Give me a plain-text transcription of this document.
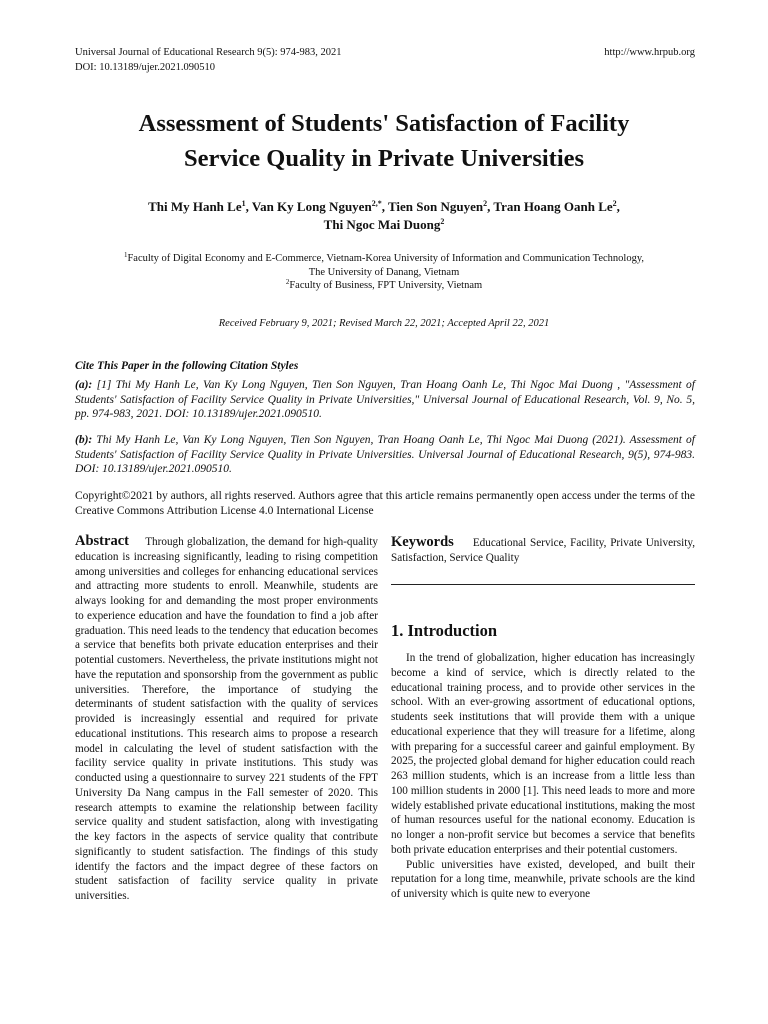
Universal Journal of Educational Research 9(5): 974-983, 2021
DOI: 10.13189/ujer.2021.090510
http://www.hrpub.org
Assessment of Students' Satisfaction of Facility
Service Quality in Private Universities
Thi My Hanh Le$^1$, Van Ky Long Nguyen$^{2,*}$, Tien Son Nguyen$^2$, Tran Hoang Oanh Le$^2$,
Thi Ngoc Mai Duong$^2$
$^1$Faculty of Digital Economy and E-Commerce, Vietnam-Korea University of Information and Communication Technology,
The University of Danang, Vietnam
$^2$Faculty of Business, FPT University, Vietnam
Received February 9, 2021; Revised March 22, 2021; Accepted April 22, 2021
Cite This Paper in the following Citation Styles
(a): [1] Thi My Hanh Le, Van Ky Long Nguyen, Tien Son Nguyen, Tran Hoang Oanh Le, Thi Ngoc Mai Duong , "Assessment of Students' Satisfaction of Facility Service Quality in Private Universities," Universal Journal of Educational Research, Vol. 9, No. 5, pp. 974-983, 2021. DOI: 10.13189/ujer.2021.090510.
(b): Thi My Hanh Le, Van Ky Long Nguyen, Tien Son Nguyen, Tran Hoang Oanh Le, Thi Ngoc Mai Duong (2021). Assessment of Students' Satisfaction of Facility Service Quality in Private Universities. Universal Journal of Educational Research, 9(5), 974-983. DOI: 10.13189/ujer.2021.090510.
Copyright©2021 by authors, all rights reserved. Authors agree that this article remains permanently open access under the terms of the Creative Commons Attribution License 4.0 International License

Abstract Through globalization, the demand for high-quality education is increasing significantly, leading to rising competition among universities and colleges for enhancing educational services and attracting more students to enroll. Meanwhile, students are always looking for and demanding the most proper environments to experience education and have the foundation to find a job after graduation. This need leads to the tendency that education becomes a service that benefits both private education enterprises and their potential customers. Nevertheless, the private institutions might not have the reputation and sponsorship from the government as public universities. Therefore, the importance of studying the determinants of student satisfaction with the quality of services provided is increasingly essential and required for private educational institutions. This research aims to propose a research model in calculating the level of student satisfaction with the facility service quality in private institutions. This study was conducted using a questionnaire to survey 221 students of the FPT University Da Nang campus in the Fall semester of 2020. This research attempts to examine the relationship between facility service quality and student satisfaction, along with investigating the key factors in the aspects of service quality that contribute significantly to student satisfaction. The findings of this study identify the factors and the impact degree of these factors on student satisfaction of facility service quality in private universities.

Keywords Educational Service, Facility, Private University, Satisfaction, Service Quality

1. Introduction

In the trend of globalization, higher education has increasingly become a kind of service, which is directly related to the educational training process, and to provide other services in the school. With an ever-growing assortment of educational options, students seek institutions that will provide them with a unique educational experience that they will treasure for a lifetime, along with preparing for a successful career and gainful employment. By 2025, the projected global demand for higher education could reach 263 million students, which is an increase from a little less than 100 million students in 2000 [1]. This need leads to more and more widely established private educational institutions, making the most of human resources useful for the national economy. Education is no longer a non-profit service but becomes a service that benefits both private education enterprises and their potential customers.

Public universities have existed, developed, and built their reputation for a long time, meanwhile, private schools are the kind of university which is quite new to everyone
